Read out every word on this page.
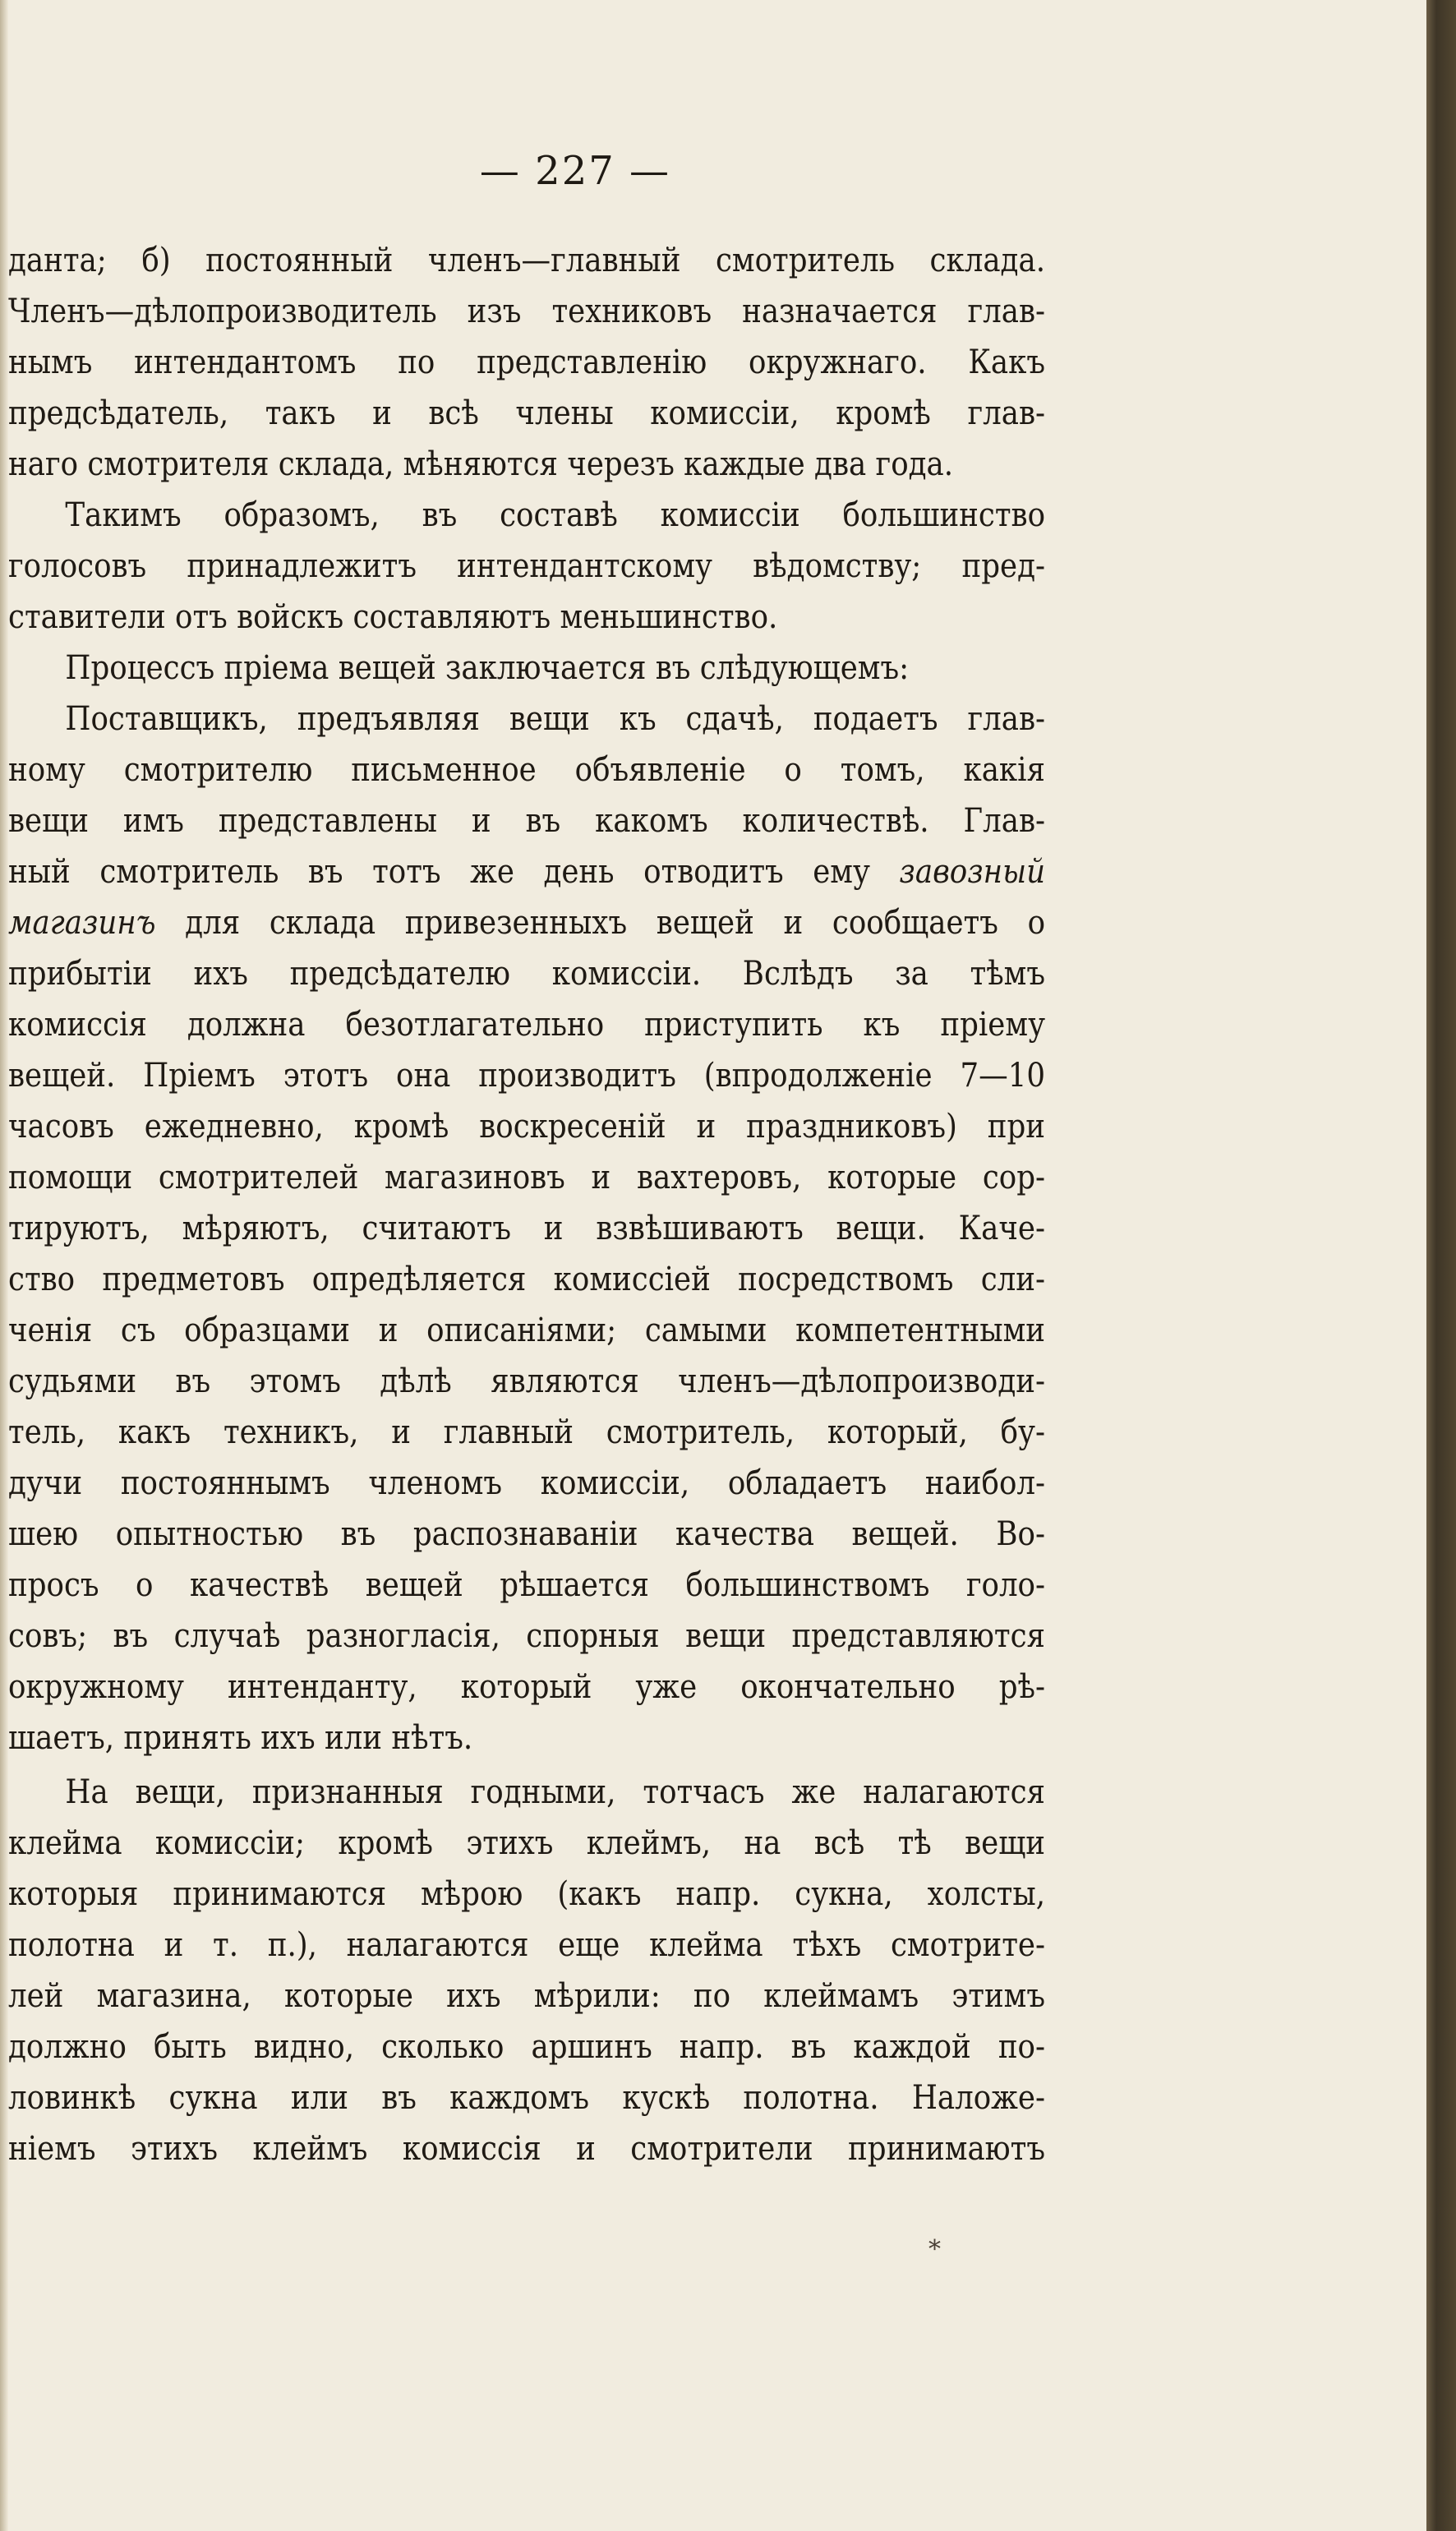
— 227 —
данта; б) постоянный членъ—главный смотритель склада.
Членъ—дѣлопроизводитель изъ техниковъ назначается глав-
нымъ интендантомъ по представленію окружнаго. Какъ
предсѣдатель, такъ и всѣ члены комиссіи, кромѣ глав-
наго смотрителя склада, мѣняются черезъ каждые два года.
Такимъ образомъ, въ составѣ комиссіи большинство
голосовъ принадлежитъ интендантскому вѣдомству; пред-
ставители отъ войскъ составляютъ меньшинство.
Процессъ пріема вещей заключается въ слѣдующемъ:
Поставщикъ, предъявляя вещи къ сдачѣ, подаетъ глав-
ному смотрителю письменное объявленіе о томъ, какія
вещи имъ представлены и въ какомъ количествѣ. Глав-
ный смотритель въ тотъ же день отводитъ ему завозный
магазинъ для склада привезенныхъ вещей и сообщаетъ о
прибытіи ихъ предсѣдателю комиссіи. Вслѣдъ за тѣмъ
комиссія должна безотлагательно приступить къ пріему
вещей. Пріемъ этотъ она производитъ (впродолженіе 7—10
часовъ ежедневно, кромѣ воскресеній и праздниковъ) при
помощи смотрителей магазиновъ и вахтеровъ, которые сор-
тируютъ, мѣряютъ, считаютъ и взвѣшиваютъ вещи. Каче-
ство предметовъ опредѣляется комиссіей посредствомъ сли-
ченія съ образцами и описаніями; самыми компетентными
судьями въ этомъ дѣлѣ являются членъ—дѣлопроизводи-
тель, какъ техникъ, и главный смотритель, который, бу-
дучи постояннымъ членомъ комиссіи, обладаетъ наибол-
шею опытностью въ распознаваніи качества вещей. Во-
просъ о качествѣ вещей рѣшается большинствомъ голо-
совъ; въ случаѣ разногласія, спорныя вещи представляются
окружному интенданту, который уже окончательно рѣ-
шаетъ, принять ихъ или нѣтъ.
На вещи, признанныя годными, тотчасъ же налагаются
клейма комиссіи; кромѣ этихъ клеймъ, на всѣ тѣ вещи
которыя принимаются мѣрою (какъ напр. сукна, холсты,
полотна и т. п.), налагаются еще клейма тѣхъ смотрите-
лей магазина, которые ихъ мѣрили: по клеймамъ этимъ
должно быть видно, сколько аршинъ напр. въ каждой по-
ловинкѣ сукна или въ каждомъ кускѣ полотна. Наложе-
ніемъ этихъ клеймъ комиссія и смотрители принимаютъ
*
